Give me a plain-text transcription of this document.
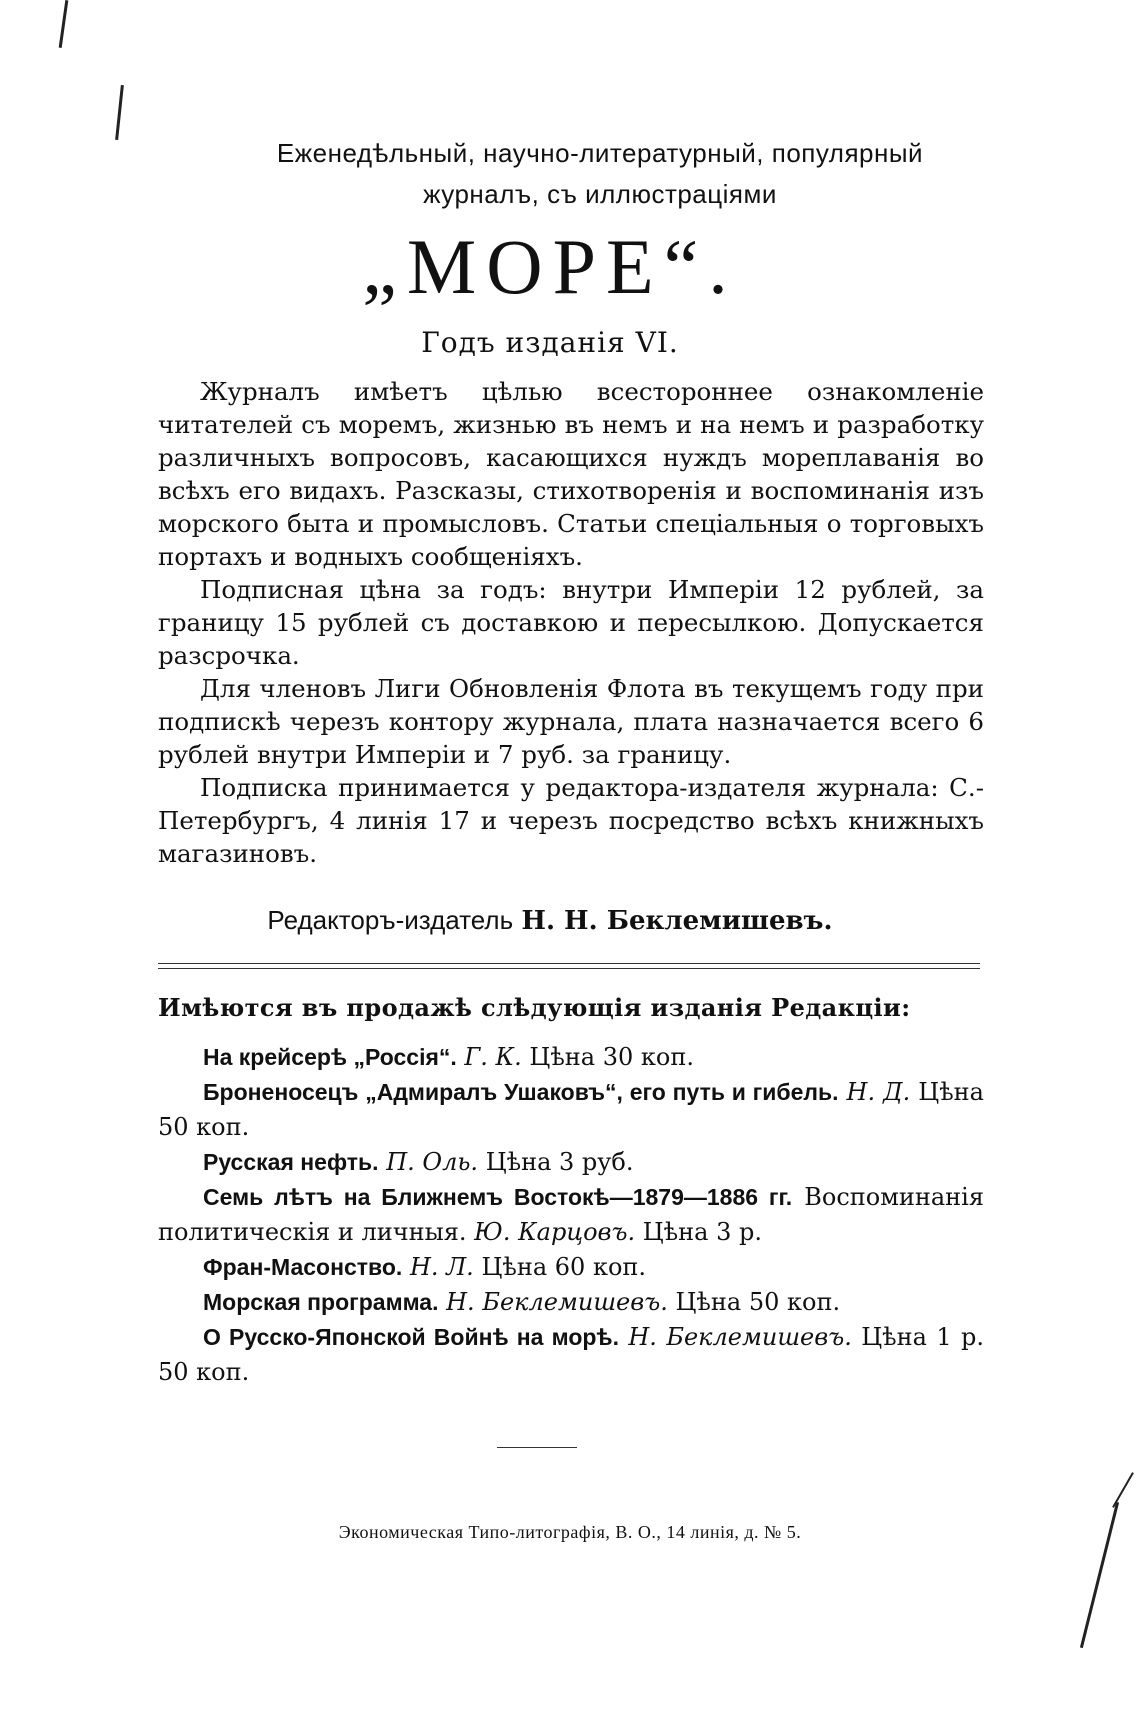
Еженедѣльный, научно-литературный, популярный
журналъ, съ иллюстраціями
„МОРЕ“.
Годъ изданія VI.

Журналъ имѣетъ цѣлью всестороннее ознакомленіе читателей съ моремъ, жизнью въ немъ и на немъ и разработку различныхъ вопросовъ, касающихся нуждъ мореплаванія во всѣхъ его видахъ. Разсказы, стихотворенія и воспоминанія изъ морского быта и промысловъ. Статьи спеціальныя о торговыхъ портахъ и водныхъ сообщеніяхъ.

Подписная цѣна за годъ: внутри Имперіи 12 рублей, за границу 15 рублей съ доставкою и пересылкою. Допускается разсрочка.

Для членовъ Лиги Обновленія Флота въ текущемъ году при подпискѣ черезъ контору журнала, плата назначается всего 6 рублей внутри Имперіи и 7 руб. за границу.

Подписка принимается у редактора-издателя журнала: С.-Петербургъ, 4 линія 17 и черезъ посредство всѣхъ книжныхъ магазиновъ.

Редакторъ-издатель Н. Н. Беклемишевъ.
Имѣются въ продажѣ слѣдующія изданія Редакціи:
На крейсерѣ „Россія“. Г. К. Цѣна 30 коп.
Броненосецъ „Адмиралъ Ушаковъ“, его путь и гибель. Н. Д. Цѣна 50 коп.
Русская нефть. П. Оль. Цѣна 3 руб.
Семь лѣтъ на Ближнемъ Востокѣ—1879—1886 гг. Воспоминанія политическія и личныя. Ю. Карцовъ. Цѣна 3 р.
Фран-Масонство. Н. Л. Цѣна 60 коп.
Морская программа. Н. Беклемишевъ. Цѣна 50 коп.
О Русско-Японской Войнѣ на морѣ. Н. Беклемишевъ. Цѣна 1 р. 50 коп.
Экономическая Типо-литографія, В. О., 14 линія, д. № 5.
